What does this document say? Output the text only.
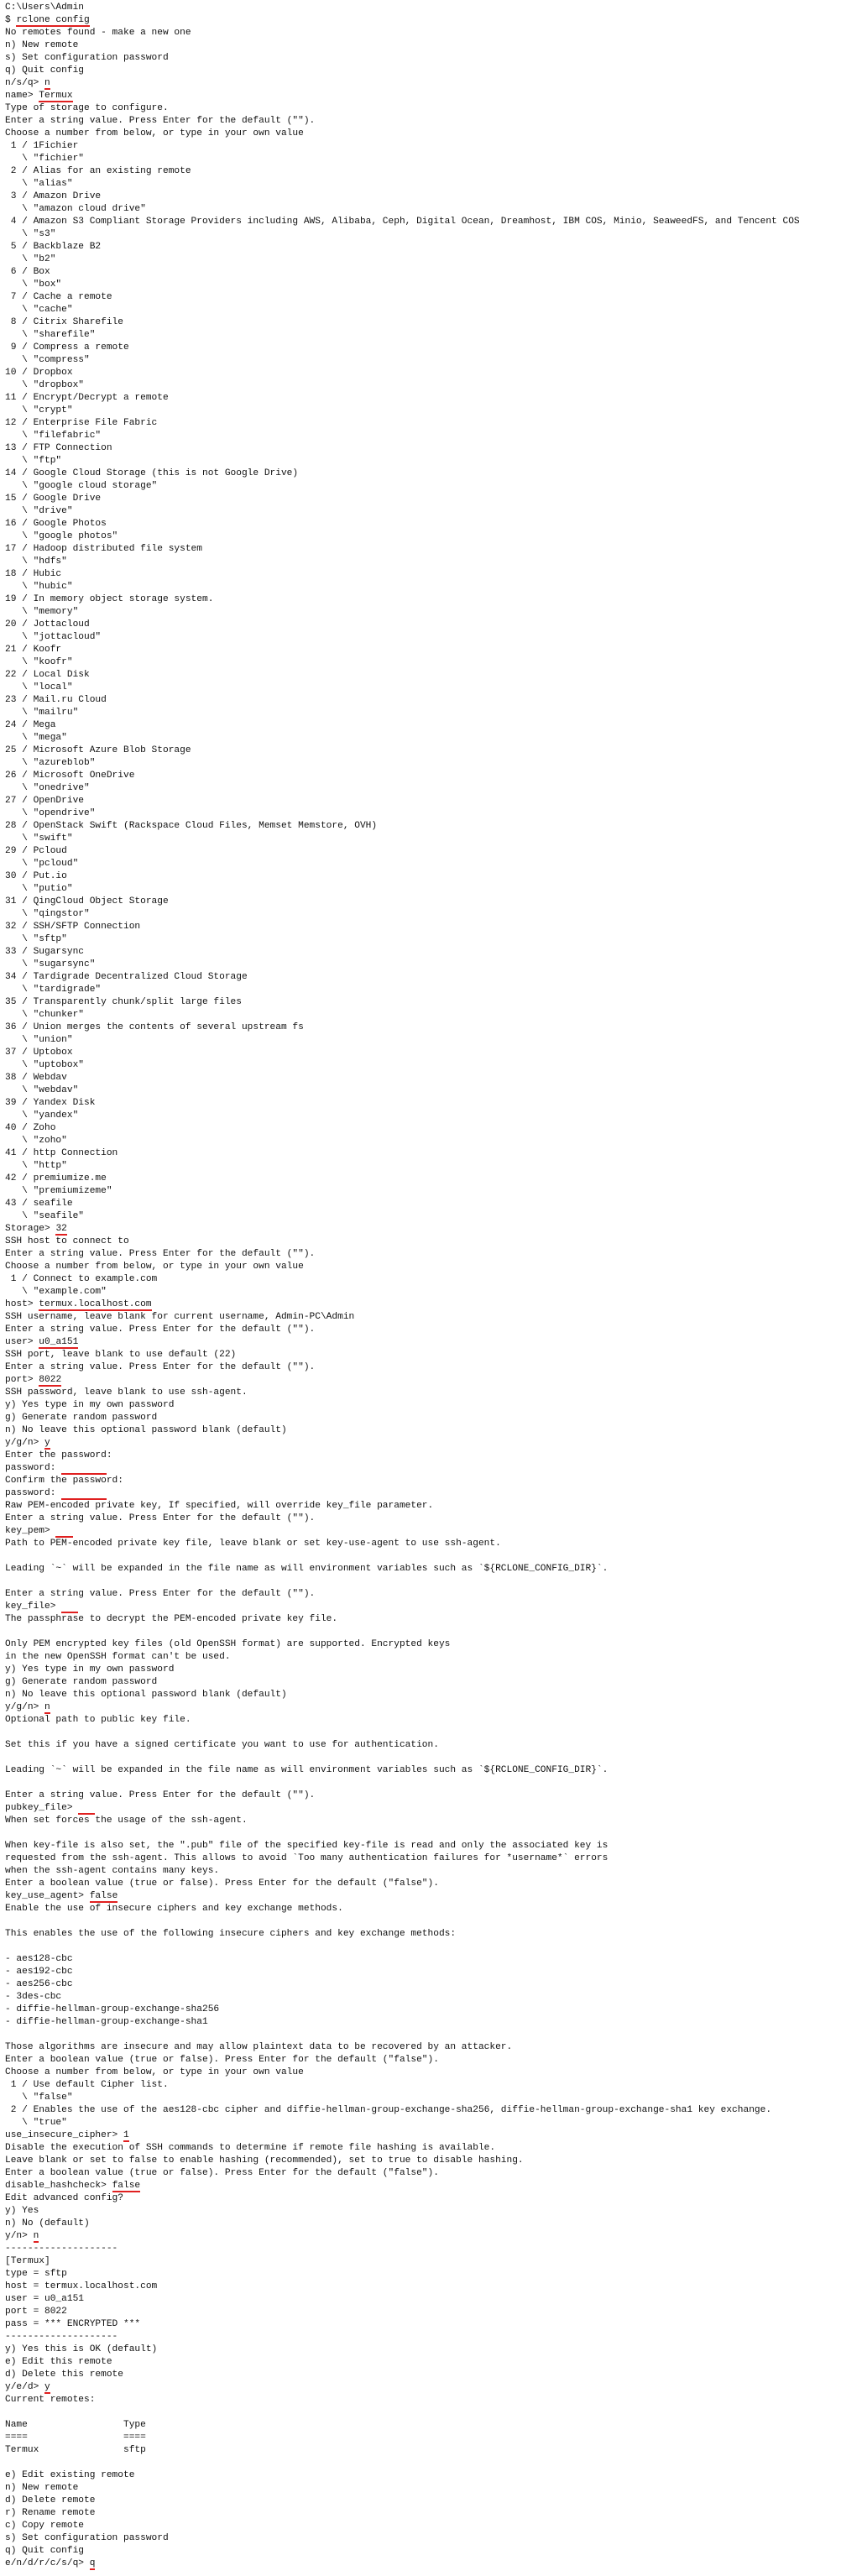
C:\Users\Admin
$ rclone config
No remotes found - make a new one
n) New remote
s) Set configuration password
q) Quit config
n/s/q> n
name> Termux
Type of storage to configure.
Enter a string value. Press Enter for the default ("").
Choose a number from below, or type in your own value
1 / 1Fichier
\ "fichier"
2 / Alias for an existing remote
\ "alias"
3 / Amazon Drive
\ "amazon cloud drive"
4 / Amazon S3 Compliant Storage Providers including AWS, Alibaba, Ceph, Digital Ocean, Dreamhost, IBM COS, Minio, SeaweedFS, and Tencent COS
\ "s3"
5 / Backblaze B2
\ "b2"
6 / Box
\ "box"
7 / Cache a remote
\ "cache"
8 / Citrix Sharefile
\ "sharefile"
9 / Compress a remote
\ "compress"
10 / Dropbox
\ "dropbox"
11 / Encrypt/Decrypt a remote
\ "crypt"
12 / Enterprise File Fabric
\ "filefabric"
13 / FTP Connection
\ "ftp"
14 / Google Cloud Storage (this is not Google Drive)
\ "google cloud storage"
15 / Google Drive
\ "drive"
16 / Google Photos
\ "google photos"
17 / Hadoop distributed file system
\ "hdfs"
18 / Hubic
\ "hubic"
19 / In memory object storage system.
\ "memory"
20 / Jottacloud
\ "jottacloud"
21 / Koofr
\ "koofr"
22 / Local Disk
\ "local"
23 / Mail.ru Cloud
\ "mailru"
24 / Mega
\ "mega"
25 / Microsoft Azure Blob Storage
\ "azureblob"
26 / Microsoft OneDrive
\ "onedrive"
27 / OpenDrive
\ "opendrive"
28 / OpenStack Swift (Rackspace Cloud Files, Memset Memstore, OVH)
\ "swift"
29 / Pcloud
\ "pcloud"
30 / Put.io
\ "putio"
31 / QingCloud Object Storage
\ "qingstor"
32 / SSH/SFTP Connection
\ "sftp"
33 / Sugarsync
\ "sugarsync"
34 / Tardigrade Decentralized Cloud Storage
\ "tardigrade"
35 / Transparently chunk/split large files
\ "chunker"
36 / Union merges the contents of several upstream fs
\ "union"
37 / Uptobox
\ "uptobox"
38 / Webdav
\ "webdav"
39 / Yandex Disk
\ "yandex"
40 / Zoho
\ "zoho"
41 / http Connection
\ "http"
42 / premiumize.me
\ "premiumizeme"
43 / seafile
\ "seafile"
Storage> 32
SSH host to connect to
Enter a string value. Press Enter for the default ("").
Choose a number from below, or type in your own value
1 / Connect to example.com
\ "example.com"
host> termux.localhost.com
SSH username, leave blank for current username, Admin-PC\Admin
Enter a string value. Press Enter for the default ("").
user> u0_a151
SSH port, leave blank to use default (22)
Enter a string value. Press Enter for the default ("").
port> 8022
SSH password, leave blank to use ssh-agent.
y) Yes type in my own password
g) Generate random password
n) No leave this optional password blank (default)
y/g/n> y
Enter the password:
password:
Confirm the password:
password:
Raw PEM-encoded private key, If specified, will override key_file parameter.
Enter a string value. Press Enter for the default ("").
key_pem>
Path to PEM-encoded private key file, leave blank or set key-use-agent to use ssh-agent.
Leading `~` will be expanded in the file name as will environment variables such as `${RCLONE_CONFIG_DIR}`.
Enter a string value. Press Enter for the default ("").
key_file>
The passphrase to decrypt the PEM-encoded private key file.
Only PEM encrypted key files (old OpenSSH format) are supported. Encrypted keys
in the new OpenSSH format can't be used.
y) Yes type in my own password
g) Generate random password
n) No leave this optional password blank (default)
y/g/n> n
Optional path to public key file.
Set this if you have a signed certificate you want to use for authentication.
Leading `~` will be expanded in the file name as will environment variables such as `${RCLONE_CONFIG_DIR}`.
Enter a string value. Press Enter for the default ("").
pubkey_file>
When set forces the usage of the ssh-agent.
When key-file is also set, the ".pub" file of the specified key-file is read and only the associated key is
requested from the ssh-agent. This allows to avoid `Too many authentication failures for *username*` errors
when the ssh-agent contains many keys.
Enter a boolean value (true or false). Press Enter for the default ("false").
key_use_agent> false
Enable the use of insecure ciphers and key exchange methods.
This enables the use of the following insecure ciphers and key exchange methods:
- aes128-cbc
- aes192-cbc
- aes256-cbc
- 3des-cbc
- diffie-hellman-group-exchange-sha256
- diffie-hellman-group-exchange-sha1
Those algorithms are insecure and may allow plaintext data to be recovered by an attacker.
Enter a boolean value (true or false). Press Enter for the default ("false").
Choose a number from below, or type in your own value
1 / Use default Cipher list.
\ "false"
2 / Enables the use of the aes128-cbc cipher and diffie-hellman-group-exchange-sha256, diffie-hellman-group-exchange-sha1 key exchange.
\ "true"
use_insecure_cipher> 1
Disable the execution of SSH commands to determine if remote file hashing is available.
Leave blank or set to false to enable hashing (recommended), set to true to disable hashing.
Enter a boolean value (true or false). Press Enter for the default ("false").
disable_hashcheck> false
Edit advanced config?
y) Yes
n) No (default)
y/n> n
--------------------
[Termux]
type = sftp
host = termux.localhost.com
user = u0_a151
port = 8022
pass = *** ENCRYPTED ***
--------------------
y) Yes this is OK (default)
e) Edit this remote
d) Delete this remote
y/e/d> y
Current remotes:
Name                 Type
====                 ====
Termux               sftp
e) Edit existing remote
n) New remote
d) Delete remote
r) Rename remote
c) Copy remote
s) Set configuration password
q) Quit config
e/n/d/r/c/s/q> q
